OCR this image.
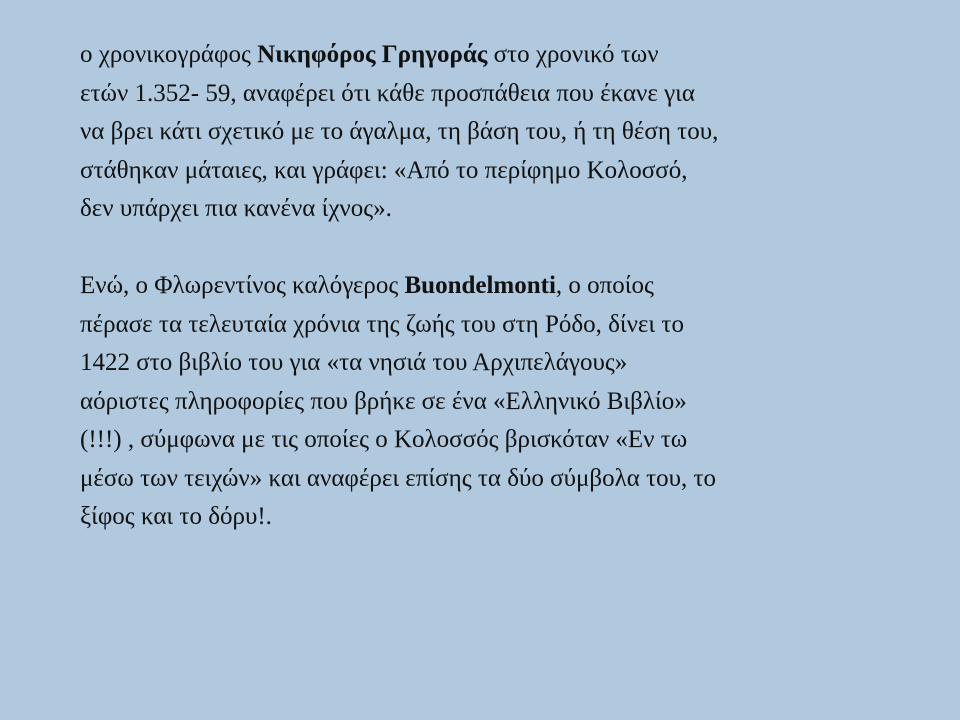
ο χρονικογράφος Νικηφόρος Γρηγοράς στο χρονικό των
ετών 1.352- 59, αναφέρει ότι κάθε προσπάθεια που έκανε για
να βρει κάτι σχετικό με το άγαλμα, τη βάση του, ή τη θέση του,
στάθηκαν μάταιες, και γράφει: «Από το περίφημο Κολοσσό,
δεν υπάρχει πια κανένα ίχνος».

Ενώ, ο Φλωρεντίνος καλόγερος Buondelmonti, ο οποίος
πέρασε τα τελευταία χρόνια της ζωής του στη Ρόδο, δίνει το
1422 στο βιβλίο του για «τα νησιά του Αρχιπελάγους»
αόριστες πληροφορίες που βρήκε σε ένα «Ελληνικό Βιβλίο»
(!!!) , σύμφωνα με τις οποίες ο Κολοσσός βρισκόταν «Εν τω
μέσω των τειχών» και αναφέρει επίσης τα δύο σύμβολα του, το
ξίφος και το δόρυ!.
